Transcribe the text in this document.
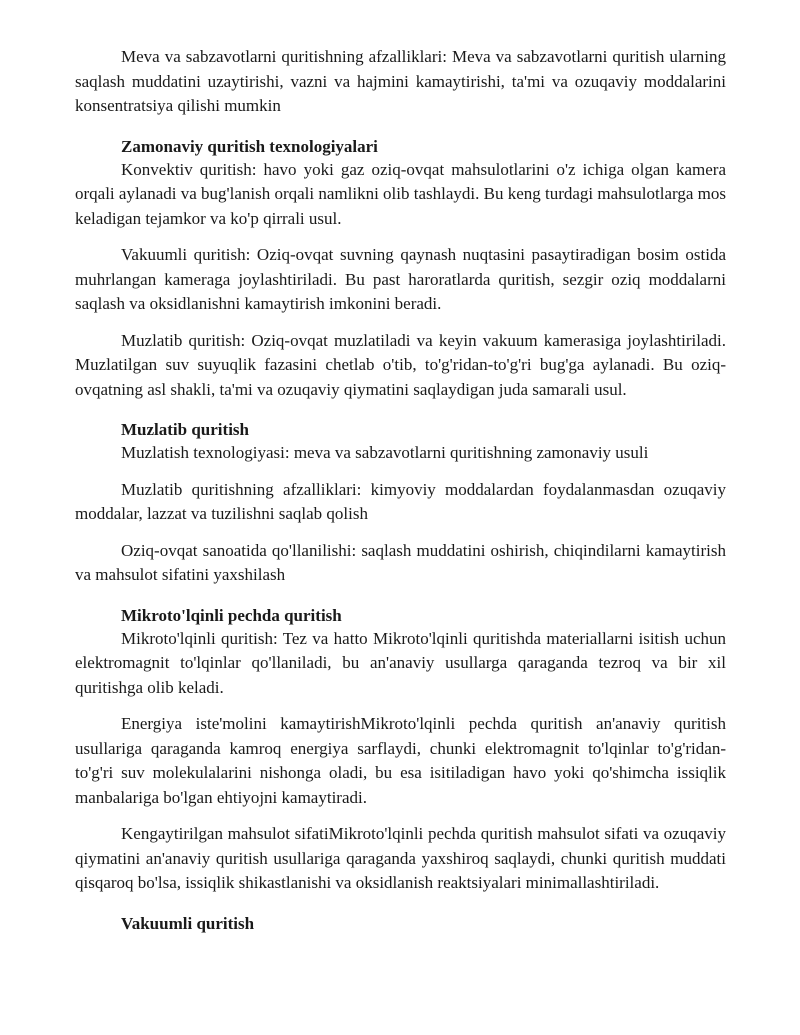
Meva va sabzavotlarni quritishning afzalliklari: Meva va sabzavotlarni quritish ularning saqlash muddatini uzaytirishi, vazni va hajmini kamaytirishi, ta'mi va ozuqaviy moddalarini konsentratsiya qilishi mumkin

Zamonaviy quritish texnologiyalari

Konvektiv quritish: havo yoki gaz oziq-ovqat mahsulotlarini o'z ichiga olgan kamera orqali aylanadi va bug'lanish orqali namlikni olib tashlaydi. Bu keng turdagi mahsulotlarga mos keladigan tejamkor va ko'p qirrali usul.

Vakuumli quritish: Oziq-ovqat suvning qaynash nuqtasini pasaytiradigan bosim ostida muhrlangan kameraga joylashtiriladi. Bu past haroratlarda quritish, sezgir oziq moddalarni saqlash va oksidlanishni kamaytirish imkonini beradi.

Muzlatib quritish: Oziq-ovqat muzlatiladi va keyin vakuum kamerasiga joylashtiriladi. Muzlatilgan suv suyuqlik fazasini chetlab o'tib, to'g'ridan-to'g'ri bug'ga aylanadi. Bu oziq-ovqatning asl shakli, ta'mi va ozuqaviy qiymatini saqlaydigan juda samarali usul.

Muzlatib quritish

Muzlatish texnologiyasi: meva va sabzavotlarni quritishning zamonaviy usuli

Muzlatib quritishning afzalliklari: kimyoviy moddalardan foydalanmasdan ozuqaviy moddalar, lazzat va tuzilishni saqlab qolish

Oziq-ovqat sanoatida qo'llanilishi: saqlash muddatini oshirish, chiqindilarni kamaytirish va mahsulot sifatini yaxshilash

Mikroto'lqinli pechda quritish

Mikroto'lqinli quritish: Tez va hatto Mikroto'lqinli quritishda materiallarni isitish uchun elektromagnit to'lqinlar qo'llaniladi, bu an'anaviy usullarga qaraganda tezroq va bir xil quritishga olib keladi.

Energiya iste'molini kamaytirishMikroto'lqinli pechda quritish an'anaviy quritish usullariga qaraganda kamroq energiya sarflaydi, chunki elektromagnit to'lqinlar to'g'ridan-to'g'ri suv molekulalarini nishonga oladi, bu esa isitiladigan havo yoki qo'shimcha issiqlik manbalariga bo'lgan ehtiyojni kamaytiradi.

Kengaytirilgan mahsulot sifatiMikroto'lqinli pechda quritish mahsulot sifati va ozuqaviy qiymatini an'anaviy quritish usullariga qaraganda yaxshiroq saqlaydi, chunki quritish muddati qisqaroq bo'lsa, issiqlik shikastlanishi va oksidlanish reaktsiyalari minimallashtiriladi.

Vakuumli quritish
